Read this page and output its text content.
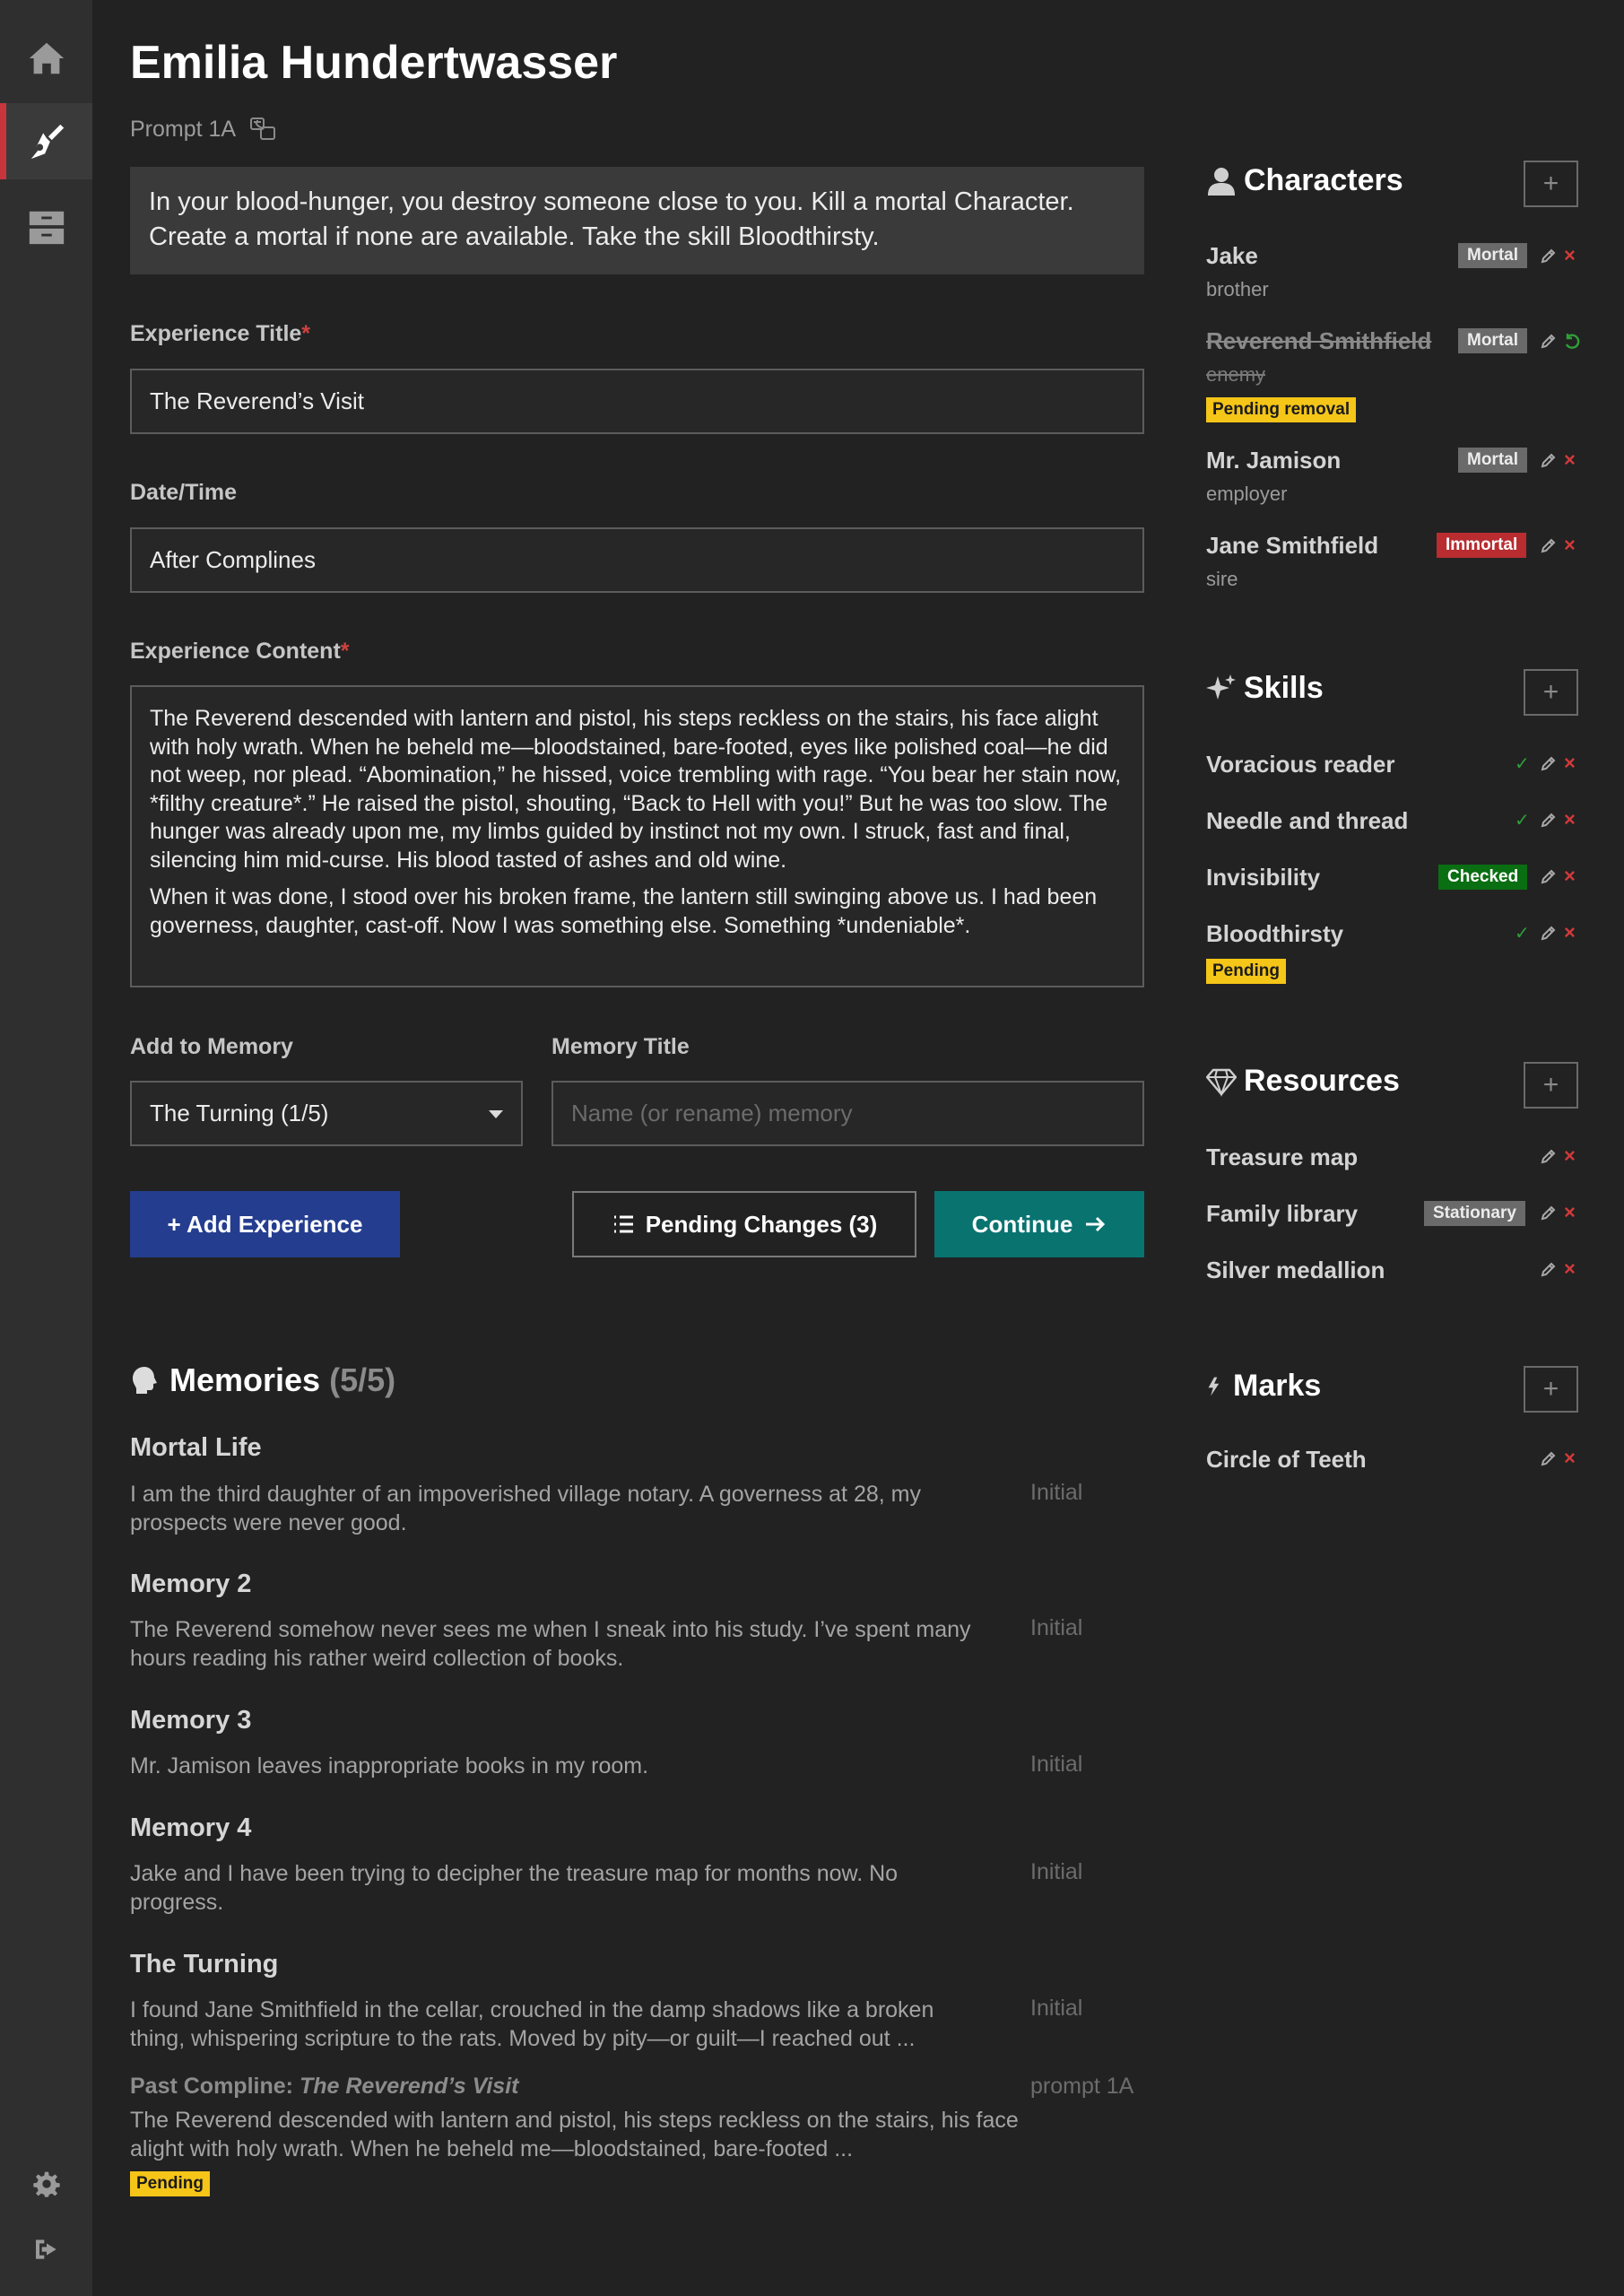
Emilia Hundertwasser
Prompt 1A
In your blood-hunger, you destroy someone close to you. Kill a mortal Character. Create a mortal if none are available. Take the skill Bloodthirsty.
Experience Title*
The Reverend’s Visit
Date/Time
After Complines
Experience Content*

The Reverend descended with lantern and pistol, his steps reckless on the stairs, his face alight with holy wrath. When he beheld me—bloodstained, bare-footed, eyes like polished coal—he did not weep, nor plead. “Abomination,” he hissed, voice trembling with rage. “You bear her stain now, *filthy creature*.” He raised the pistol, shouting, “Back to Hell with you!” But he was too slow. The hunger was already upon me, my limbs guided by instinct not my own. I struck, fast and final, silencing him mid-curse. His blood tasted of ashes and old wine.

When it was done, I stood over his broken frame, the lantern still swinging above us. I had been governess, daughter, cast-off. Now I was something else. Something *undeniable*.

Add to Memory
The Turning (1/5)
Memory Title
Name (or rename) memory
+ Add Experience	Pending Changes (3)	Continue
Memories (5/5)
Mortal Life
I am the third daughter of an impoverished village notary. A governess at 28, my prospects were never good.
Initial
Memory 2
The Reverend somehow never sees me when I sneak into his study. I’ve spent many hours reading his rather weird collection of books.
Initial
Memory 3
Mr. Jamison leaves inappropriate books in my room.	Initial
Memory 4
Jake and I have been trying to decipher the treasure map for months now. No progress.
Initial
The Turning
I found Jane Smithfield in the cellar, crouched in the damp shadows like a broken thing, whispering scripture to the rats. Moved by pity—or guilt—I reached out ...
Initial
Past Compline: The Reverend’s Visit	prompt 1A
The Reverend descended with lantern and pistol, his steps reckless on the stairs, his face alight with holy wrath. When he beheld me—bloodstained, bare-footed ...
Pending
Characters	+
Jake
brother
Mortal	×
Reverend Smithfield
enemy
Mortal
Pending removal
Mr. Jamison
employer
Mortal	×
Jane Smithfield
sire
Immortal	×
Skills	+
Voracious reader	✓ ×
Needle and thread	✓ ×
Invisibility	Checked	×
Bloodthirsty	✓ ×
Pending
Resources	+
Treasure map	×
Family library	Stationary	×
Silver medallion	×
Marks	+
Circle of Teeth	×
